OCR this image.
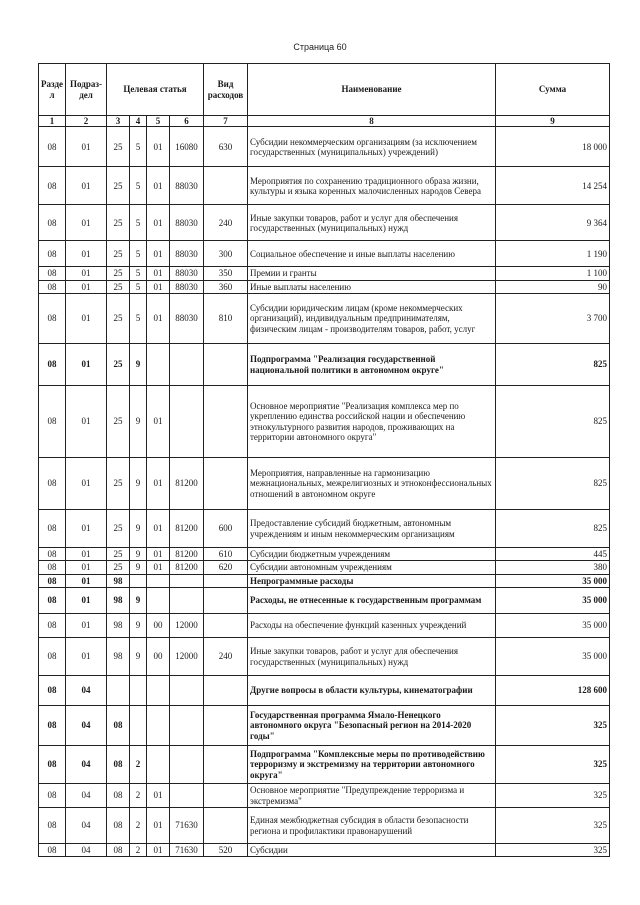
Страница 60
Разде л	Подраз- дел	Целевая статья				Вид расходов	Наименование	Сумма
1	2	3	4	5	6	7	8	9
08	01	25	5	01	16080	630	Субсидии некоммерческим организациям (за исключением государственных (муниципальных) учреждений)	18 000
08	01	25	5	01	88030		Мероприятия по сохранению традиционного образа жизни, культуры и языка коренных малочисленных народов Севера	14 254
08	01	25	5	01	88030	240	Иные закупки товаров, работ и услуг для обеспечения государственных (муниципальных) нужд	9 364
08	01	25	5	01	88030	300	Социальное обеспечение и иные выплаты населению	1 190
08	01	25	5	01	88030	350	Премии и гранты	1 100
08	01	25	5	01	88030	360	Иные выплаты населению	90
08	01	25	5	01	88030	810	Субсидии юридическим лицам (кроме некоммерческих организаций), индивидуальным предпринимателям, физическим лицам - производителям товаров, работ, услуг	3 700
08	01	25	9				Подпрограмма "Реализация государственной национальной политики в автономном округе"	825
08	01	25	9	01			Основное мероприятие "Реализация комплекса мер по укреплению единства российской нации и обеспечению этнокультурного развития народов, проживающих на территории автономного округа"	825
08	01	25	9	01	81200		Мероприятия, направленные на гармонизацию межнациональных, межрелигиозных и этноконфессиональных отношений в автономном округе	825
08	01	25	9	01	81200	600	Предоставление субсидий бюджетным, автономным учреждениям и иным некоммерческим организациям	825
08	01	25	9	01	81200	610	Субсидии бюджетным учреждениям	445
08	01	25	9	01	81200	620	Субсидии автономным учреждениям	380
08	01	98					Непрограммные расходы	35 000
08	01	98	9				Расходы, не отнесенные к государственным программам	35 000
08	01	98	9	00	12000		Расходы на обеспечение функций казенных учреждений	35 000
08	01	98	9	00	12000	240	Иные закупки товаров, работ и услуг для обеспечения государственных (муниципальных) нужд	35 000
08	04						Другие вопросы в области культуры, кинематографии	128 600
08	04	08					Государственная программа Ямало-Ненецкого автономного округа "Безопасный регион на 2014-2020 годы"	325
08	04	08	2				Подпрограмма "Комплексные меры по противодействию терроризму и экстремизму на территории автономного округа"	325
08	04	08	2	01			Основное мероприятие "Предупреждение терроризма и экстремизма"	325
08	04	08	2	01	71630		Единая межбюджетная субсидия в области безопасности региона и профилактики правонарушений	325
08	04	08	2	01	71630	520	Субсидии	325
